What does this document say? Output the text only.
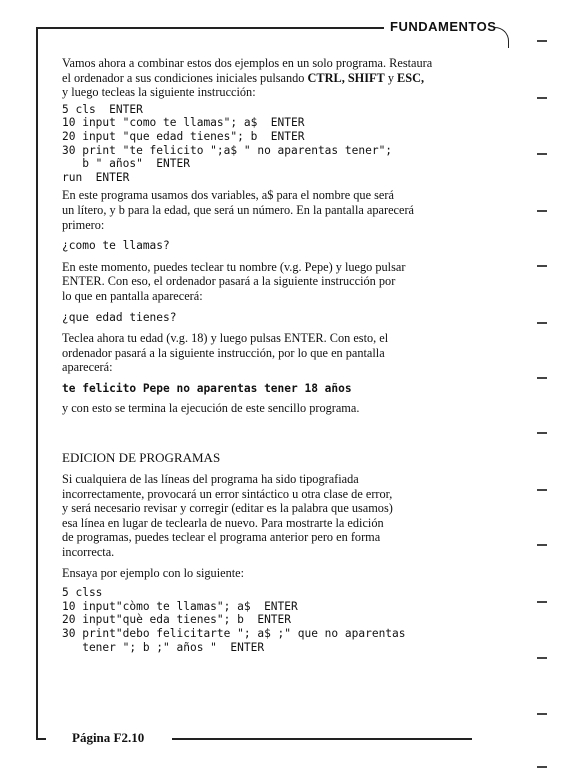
FUNDAMENTOS

Vamos ahora a combinar estos dos ejemplos en un solo programa. Restaura
el ordenador a sus condiciones iniciales pulsando CTRL, SHIFT y ESC,
y luego tecleas la siguiente instrucción:

5 cls  ENTER
10 input "como te llamas"; a$  ENTER
20 input "que edad tienes"; b  ENTER
30 print "te felicito ";a$ " no aparentas tener";
b " años"  ENTER
run  ENTER

En este programa usamos dos variables, a$ para el nombre que será
un lítero, y b para la edad, que será un número. En la pantalla aparecerá
primero:

¿como te llamas?

En este momento, puedes teclear tu nombre (v.g. Pepe) y luego pulsar
ENTER. Con eso, el ordenador pasará a la siguiente instrucción por
lo que en pantalla aparecerá:

¿que edad tienes?

Teclea ahora tu edad (v.g. 18) y luego pulsas ENTER. Con esto, el
ordenador pasará a la siguiente instrucción, por lo que en pantalla
aparecerá:

te felicito Pepe no aparentas tener 18 años

y con esto se termina la ejecución de este sencillo programa.

EDICION DE PROGRAMAS

Si cualquiera de las líneas del programa ha sido tipografiada
incorrectamente, provocará un error sintáctico u otra clase de error,
y será necesario revisar y corregir (editar es la palabra que usamos)
esa línea en lugar de teclearla de nuevo. Para mostrarte la edición
de programas, puedes teclear el programa anterior pero en forma
incorrecta.

Ensaya por ejemplo con lo siguiente:

5 clss
10 input"còmo te llamas"; a$  ENTER
20 input"què eda tienes"; b  ENTER
30 print"debo felicitarte "; a$ ;" que no aparentas
tener "; b ;" años "  ENTER
Página F2.10
